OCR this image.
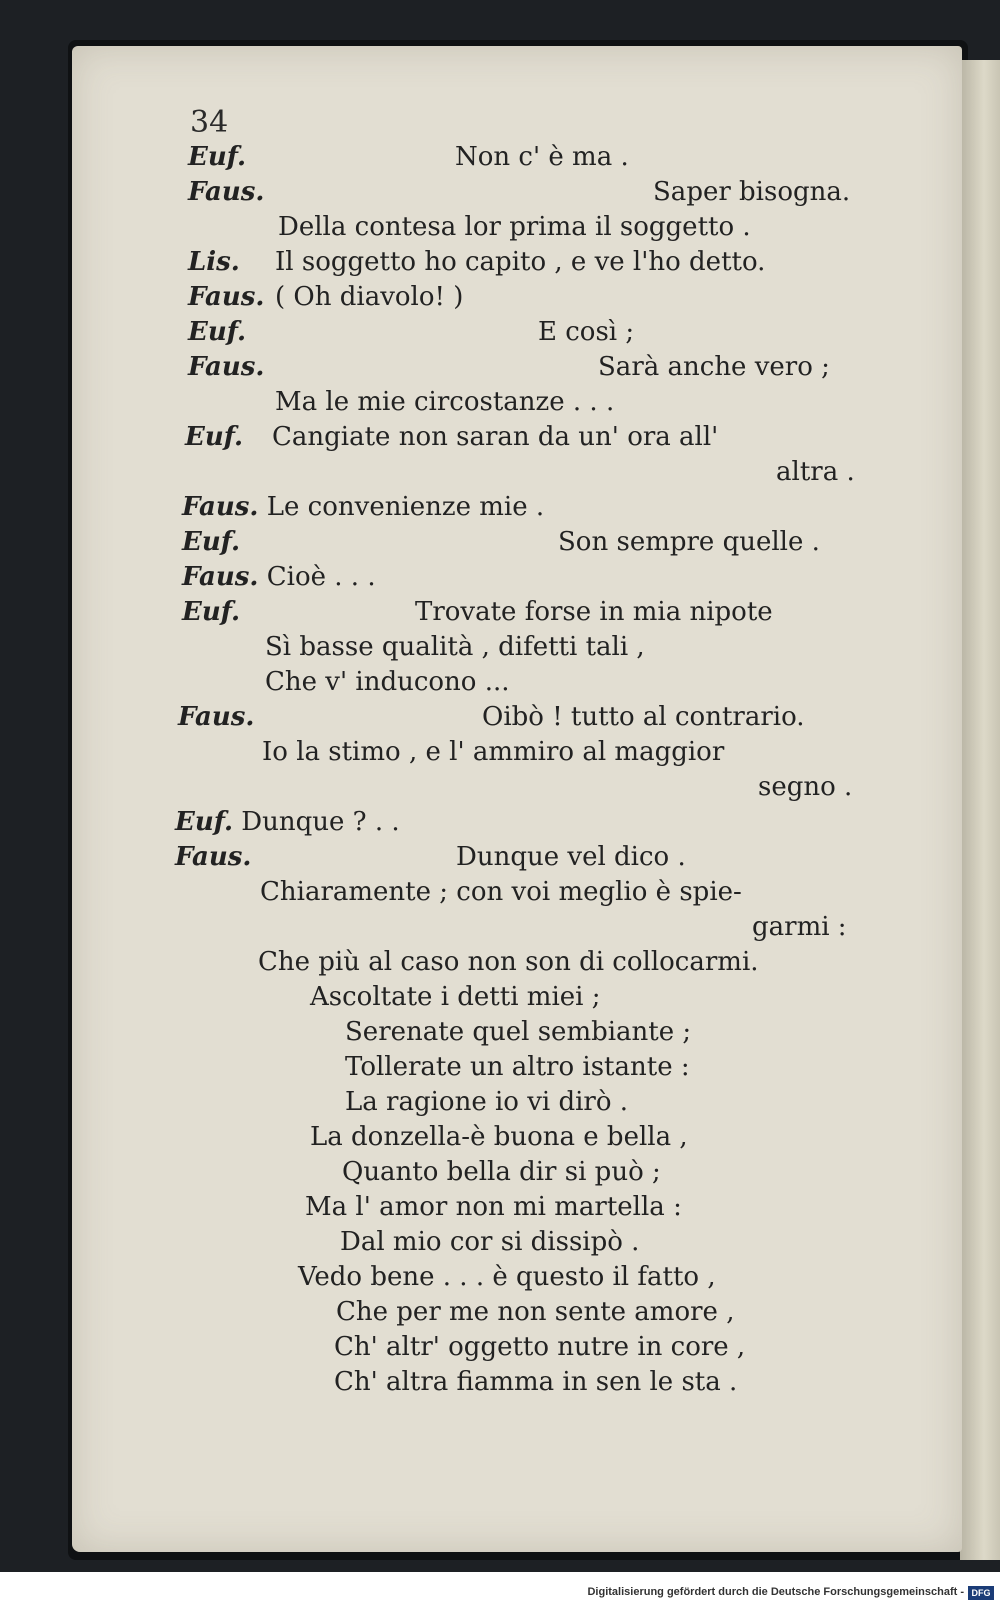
34
Euf.	Non c' è ma .
Faus.	Saper bisogna.
Della contesa lor prima il soggetto .
Lis. Il soggetto ho capito , e ve l'ho detto.
Faus. ( Oh diavolo! )
Euf.	E così ;
Faus.	Sarà anche vero ;
Ma le mie circostanze . . .
Euf. Cangiate non saran da un' ora all'
altra .
Faus. Le convenienze mie .
Euf.	Son sempre quelle .
Faus. Cioè . . .
Euf.	Trovate forse in mia nipote
Sì basse qualità , difetti tali ,
Che v' inducono ...
Faus.	Oibò ! tutto al contrario.
Io la stimo , e l' ammiro al maggior
segno .
Euf. Dunque ? . .
Faus.	Dunque vel dico .
Chiaramente ; con voi meglio è spie-
garmi :
Che più al caso non son di collocarmi.
Ascoltate i detti miei ;
Serenate quel sembiante ;
Tollerate un altro istante :
La ragione io vi dirò .
La donzella-è buona e bella ,
Quanto bella dir si può ;
Ma l' amor non mi martella :
Dal mio cor si dissipò .
Vedo bene . . . è questo il fatto ,
Che per me non sente amore ,
Ch' altr' oggetto nutre in core ,
Ch' altra fiamma in sen le sta .
Digitalisierung gefördert durch die Deutsche Forschungsgemeinschaft - DFG
